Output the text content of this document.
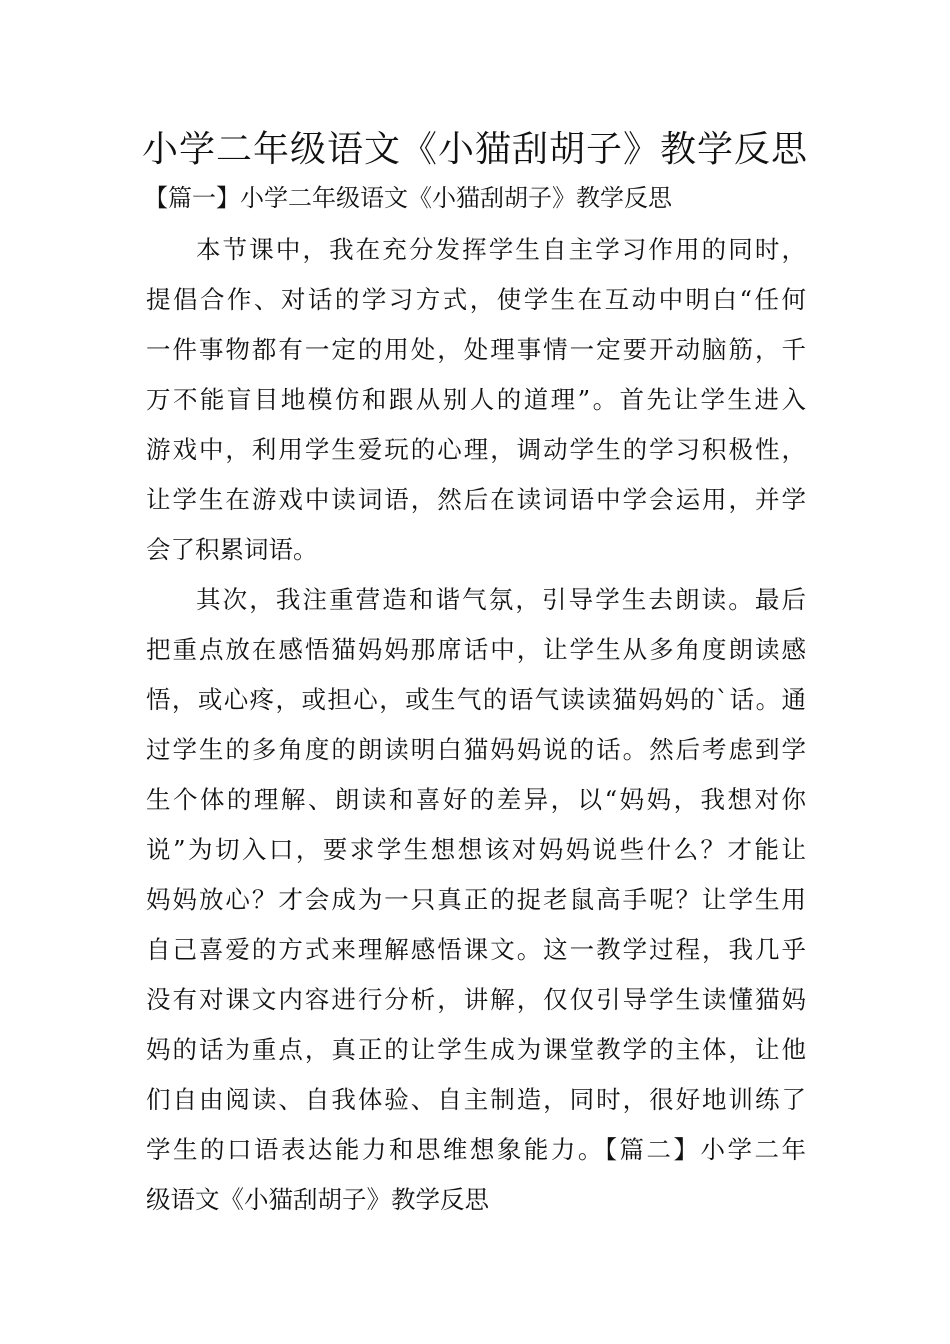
小学二年级语文《小猫刮胡子》教学反思
【篇一】小学二年级语文《小猫刮胡子》教学反思
本节课中，我在充分发挥学生自主学习作用的同时，
提倡合作、对话的学习方式，使学生在互动中明白“任何
一件事物都有一定的用处，处理事情一定要开动脑筋，千
万不能盲目地模仿和跟从别人的道理”。首先让学生进入
游戏中，利用学生爱玩的心理，调动学生的学习积极性，
让学生在游戏中读词语，然后在读词语中学会运用，并学
会了积累词语。
其次，我注重营造和谐气氛，引导学生去朗读。最后
把重点放在感悟猫妈妈那席话中，让学生从多角度朗读感
悟，或心疼，或担心，或生气的语气读读猫妈妈的`话。通
过学生的多角度的朗读明白猫妈妈说的话。然后考虑到学
生个体的理解、朗读和喜好的差异，以“妈妈，我想对你
说”为切入口，要求学生想想该对妈妈说些什么？才能让
妈妈放心？才会成为一只真正的捉老鼠高手呢？让学生用
自己喜爱的方式来理解感悟课文。这一教学过程，我几乎
没有对课文内容进行分析，讲解，仅仅引导学生读懂猫妈
妈的话为重点，真正的让学生成为课堂教学的主体，让他
们自由阅读、自我体验、自主制造，同时，很好地训练了
学生的口语表达能力和思维想象能力。【篇二】小学二年
级语文《小猫刮胡子》教学反思
